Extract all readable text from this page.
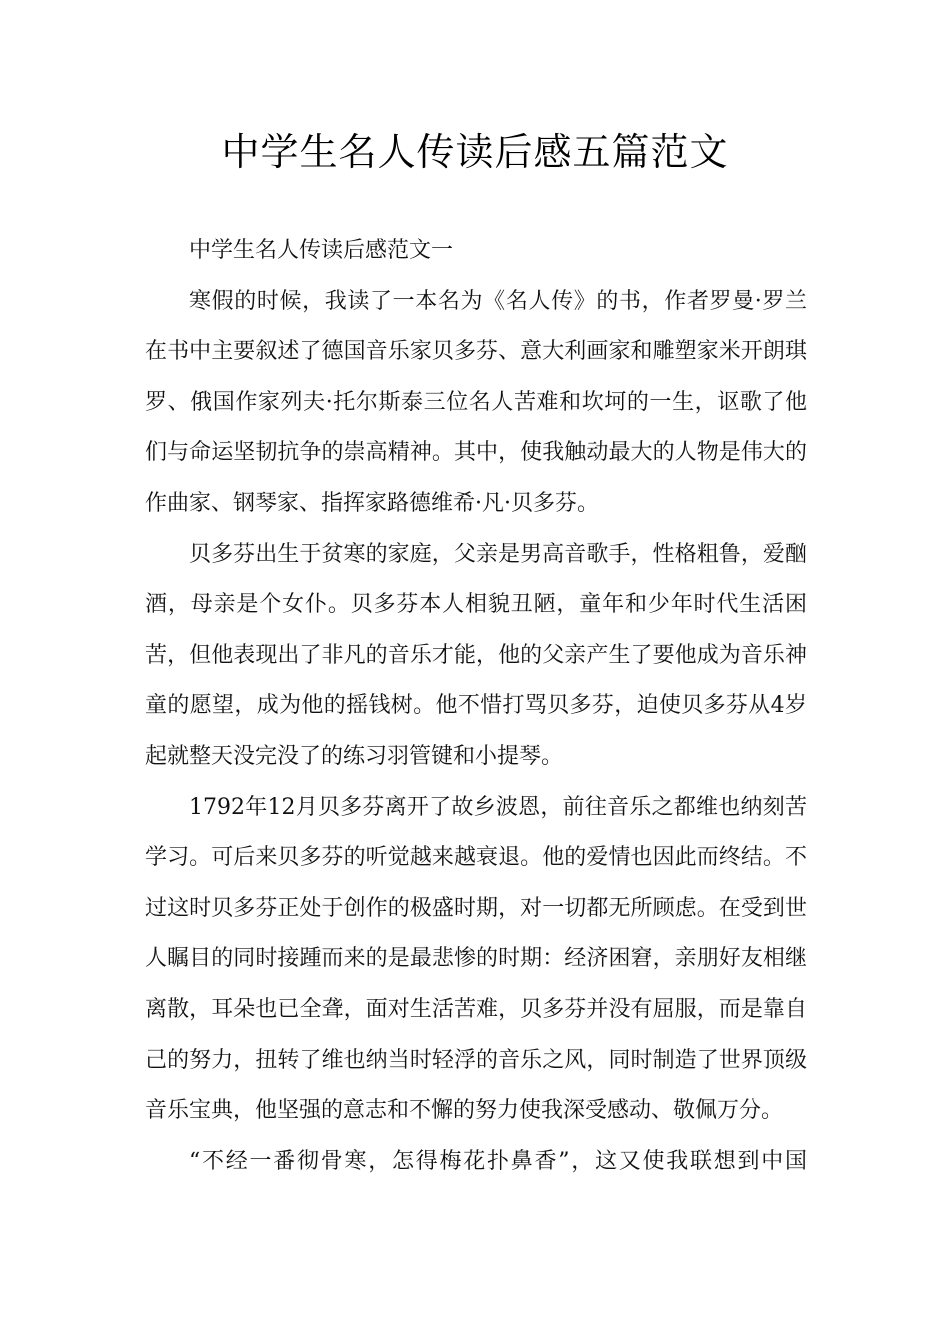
中学生名人传读后感五篇范文

中学生名人传读后感范文一

寒假的时候，我读了一本名为《名人传》的书，作者罗曼·罗兰在书中主要叙述了德国音乐家贝多芬、意大利画家和雕塑家米开朗琪罗、俄国作家列夫·托尔斯泰三位名人苦难和坎坷的一生，讴歌了他们与命运坚韧抗争的崇高精神。其中，使我触动最大的人物是伟大的作曲家、钢琴家、指挥家路德维希·凡·贝多芬。

贝多芬出生于贫寒的家庭，父亲是男高音歌手，性格粗鲁，爱酗酒，母亲是个女仆。贝多芬本人相貌丑陋，童年和少年时代生活困苦，但他表现出了非凡的音乐才能，他的父亲产生了要他成为音乐神童的愿望，成为他的摇钱树。他不惜打骂贝多芬，迫使贝多芬从4岁起就整天没完没了的练习羽管键和小提琴。

1792年12月贝多芬离开了故乡波恩，前往音乐之都维也纳刻苦学习。可后来贝多芬的听觉越来越衰退。他的爱情也因此而终结。不过这时贝多芬正处于创作的极盛时期，对一切都无所顾虑。在受到世人瞩目的同时接踵而来的是最悲惨的时期：经济困窘，亲朋好友相继离散，耳朵也已全聋，面对生活苦难，贝多芬并没有屈服，而是靠自己的努力，扭转了维也纳当时轻浮的音乐之风，同时制造了世界顶级音乐宝典，他坚强的意志和不懈的努力使我深受感动、敬佩万分。

“不经一番彻骨寒，怎得梅花扑鼻香”，这又使我联想到中国
